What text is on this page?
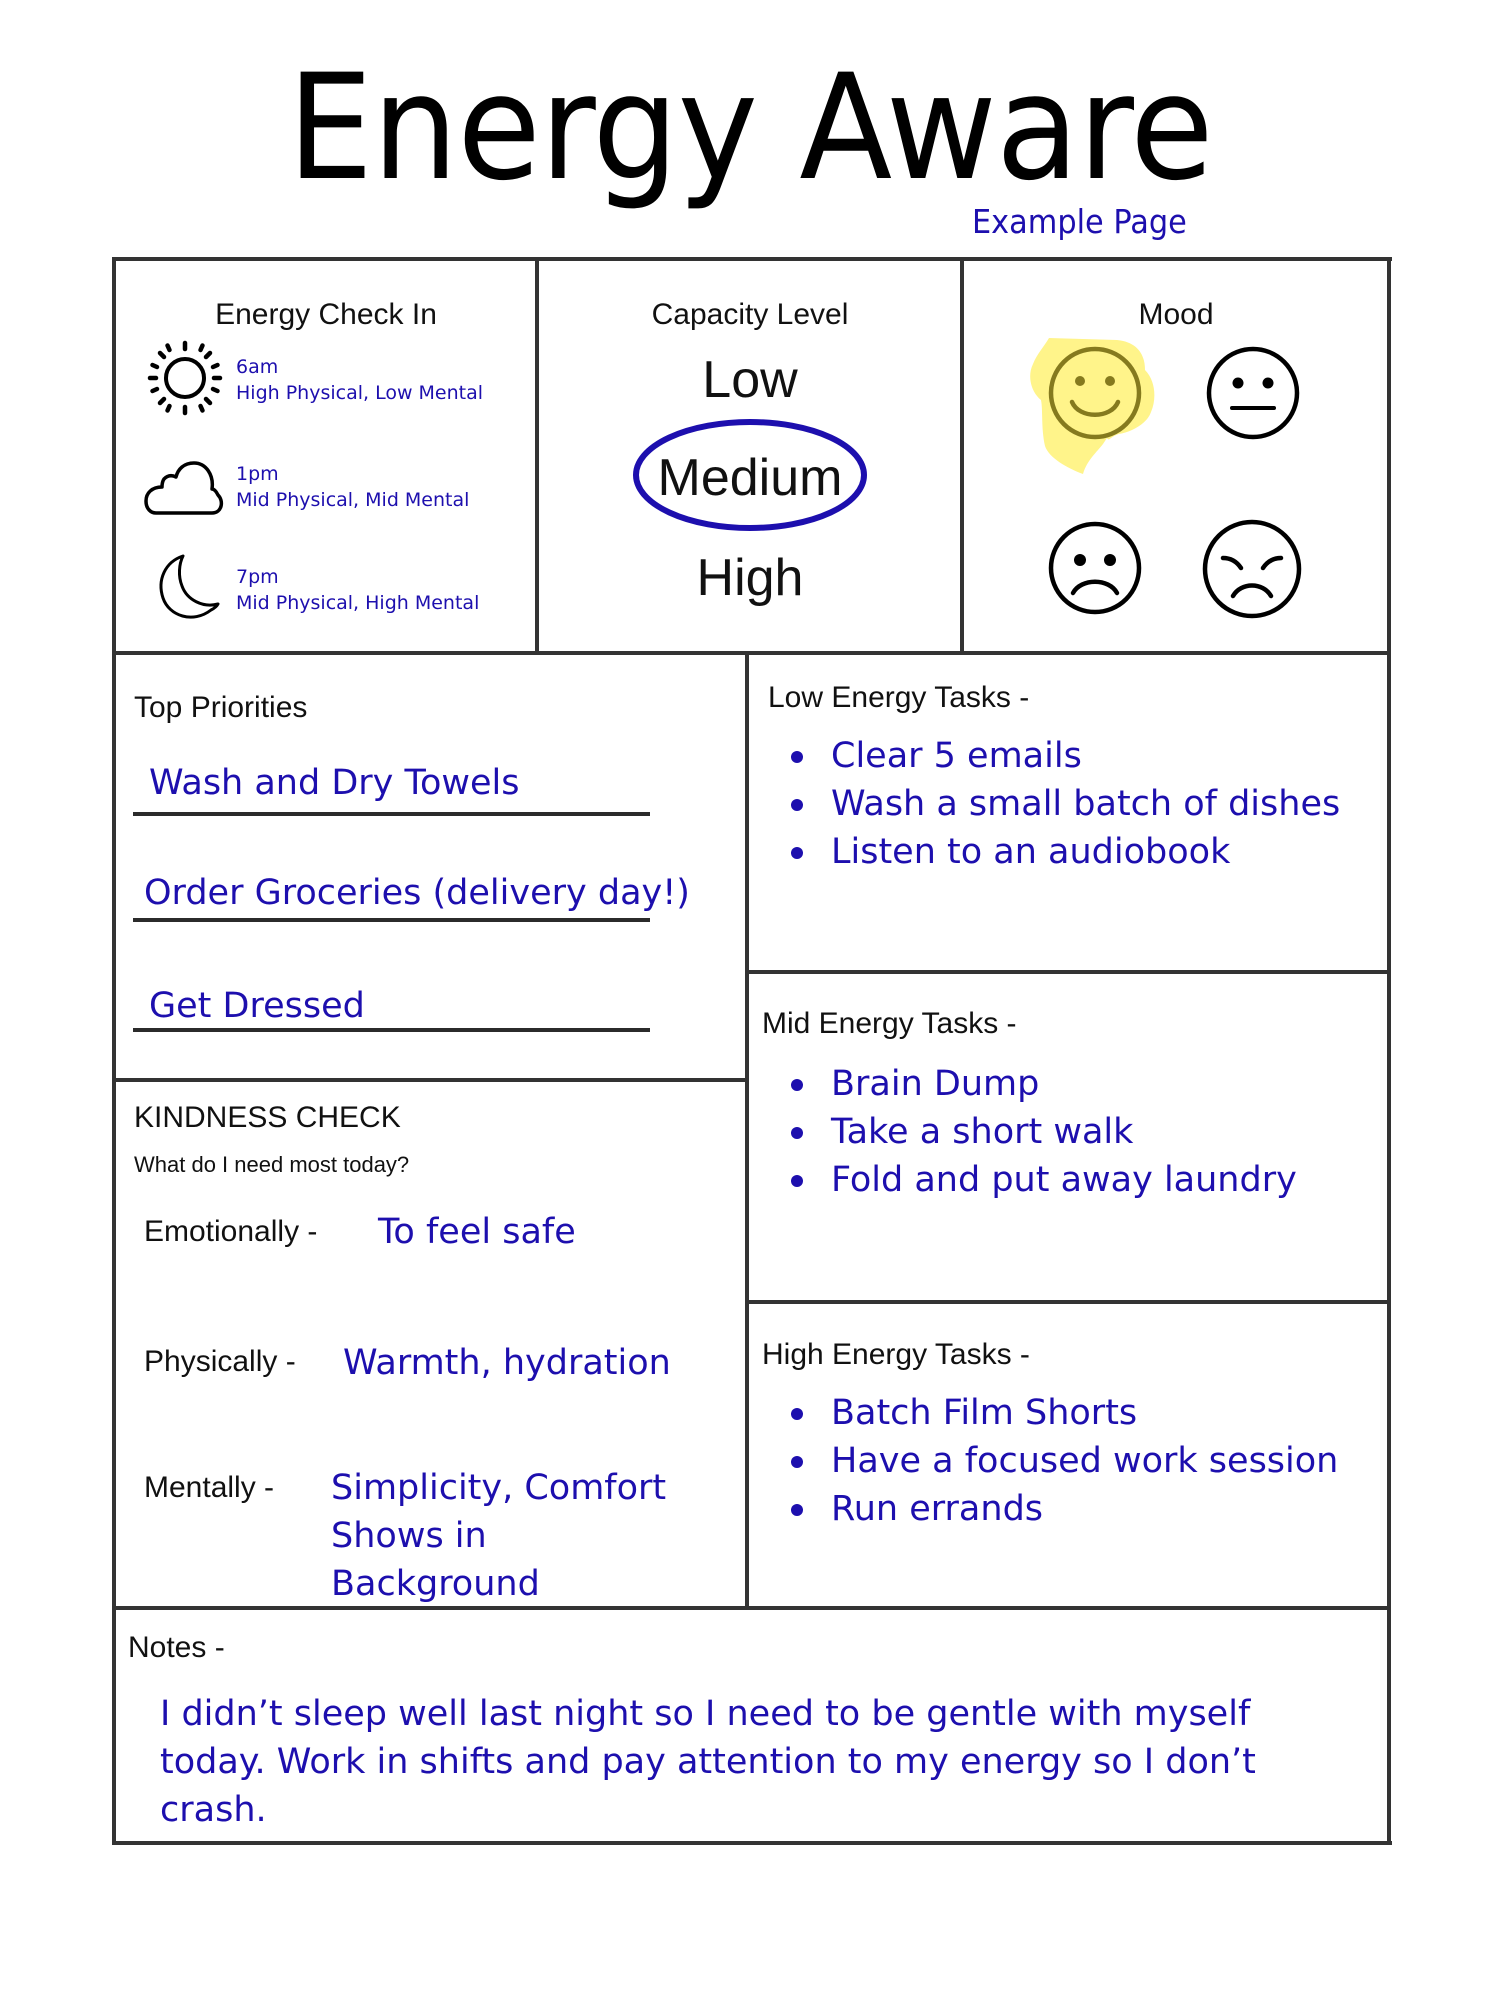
Energy Aware
Example Page
Energy Check In
6am
High Physical, Low Mental
1pm
Mid Physical, Mid Mental
7pm
Mid Physical, High Mental
Capacity Level
Low
Medium
High
Mood
Top Priorities
Wash and Dry Towels
Order Groceries (delivery day!)
Get Dressed
KINDNESS CHECK
What do I need most today?
Emotionally - To feel safe
Physically - Warmth, hydration
Mentally - Simplicity, Comfort
Shows in
Background
Low Energy Tasks -
Clear 5 emails
Wash a small batch of dishes
Listen to an audiobook
Mid Energy Tasks -
Brain Dump
Take a short walk
Fold and put away laundry
High Energy Tasks -
Batch Film Shorts
Have a focused work session
Run errands
Notes -
I didn’t sleep well last night so I need to be gentle with myself today. Work in shifts and pay attention to my energy so I don’t crash.
